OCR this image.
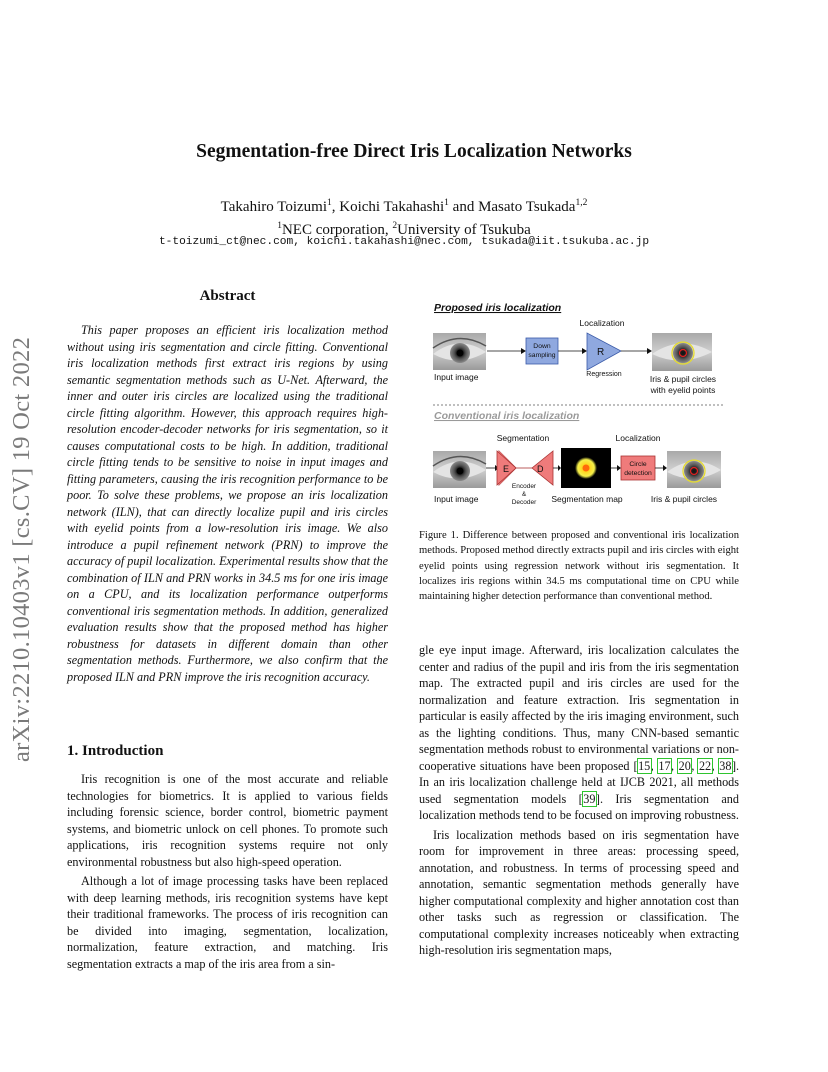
arXiv:2210.10403v1 [cs.CV] 19 Oct 2022
Segmentation-free Direct Iris Localization Networks
Takahiro Toizumi$^1$, Koichi Takahashi$^1$ and Masato Tsukada$^{1,2}$
$^1$NEC corporation, $^2$University of Tsukuba
t-toizumi_ct@nec.com, koichi.takahashi@nec.com, tsukada@iit.tsukuba.ac.jp
Abstract

This paper proposes an efficient iris localization method without using iris segmentation and circle fitting. Conventional iris localization methods first extract iris regions by using semantic segmentation methods such as U-Net. Afterward, the inner and outer iris circles are localized using the traditional circle fitting algorithm. However, this approach requires high-resolution encoder-decoder networks for iris segmentation, so it causes computational costs to be high. In addition, traditional circle fitting tends to be sensitive to noise in input images and fitting parameters, causing the iris recognition performance to be poor. To solve these problems, we propose an iris localization network (ILN), that can directly localize pupil and iris circles with eyelid points from a low-resolution iris image. We also introduce a pupil refinement network (PRN) to improve the accuracy of pupil localization. Experimental results show that the combination of ILN and PRN works in 34.5 ms for one iris image on a CPU, and its localization performance outperforms conventional iris segmentation methods. In addition, generalized evaluation results show that the proposed method has higher robustness for datasets in different domain than other segmentation methods. Furthermore, we also confirm that the proposed ILN and PRN improve the iris recognition accuracy.

1. Introduction

Iris recognition is one of the most accurate and reliable technologies for biometrics. It is applied to various fields including forensic science, border control, biometric payment systems, and biometric unlock on cell phones. To promote such applications, iris recognition systems require not only environmental robustness but also high-speed operation.

Although a lot of image processing tasks have been replaced with deep learning methods, iris recognition systems have kept their traditional frameworks. The process of iris recognition can be divided into imaging, segmentation, localization, normalization, feature extraction, and matching. Iris segmentation extracts a map of the iris area from a sin-

Proposed iris localization
Localization
Input image
Down
sampling	R
Regression	Iris & pupil circles
with eyelid points
Conventional iris localization
Segmentation	Localization
Input image
E	D
Encoder
&
Decoder Segmentation map
Circle
detection
Iris & pupil circles
Figure 1. Difference between proposed and conventional iris localization methods. Proposed method directly extracts pupil and iris circles with eight eyelid points using regression network without iris segmentation. It localizes iris regions within 34.5 ms computational time on CPU while maintaining higher detection performance than conventional method.

gle eye input image. Afterward, iris localization calculates the center and radius of the pupil and iris from the iris segmentation map. The extracted pupil and iris circles are used for the normalization and feature extraction. Iris segmentation in particular is easily affected by the iris imaging environment, such as the lighting conditions. Thus, many CNN-based semantic segmentation methods robust to environmental variations or non-cooperative situations have been proposed [15, 17, 20, 22, 38]. In an iris localization challenge held at IJCB 2021, all methods used segmentation models [39]. Iris segmentation and localization methods tend to be focused on improving robustness.

Iris localization methods based on iris segmentation have room for improvement in three areas: processing speed, annotation, and robustness. In terms of processing speed and annotation, semantic segmentation methods generally have higher computational complexity and higher annotation cost than other tasks such as regression or classification. The computational complexity increases noticeably when extracting high-resolution iris segmentation maps,
